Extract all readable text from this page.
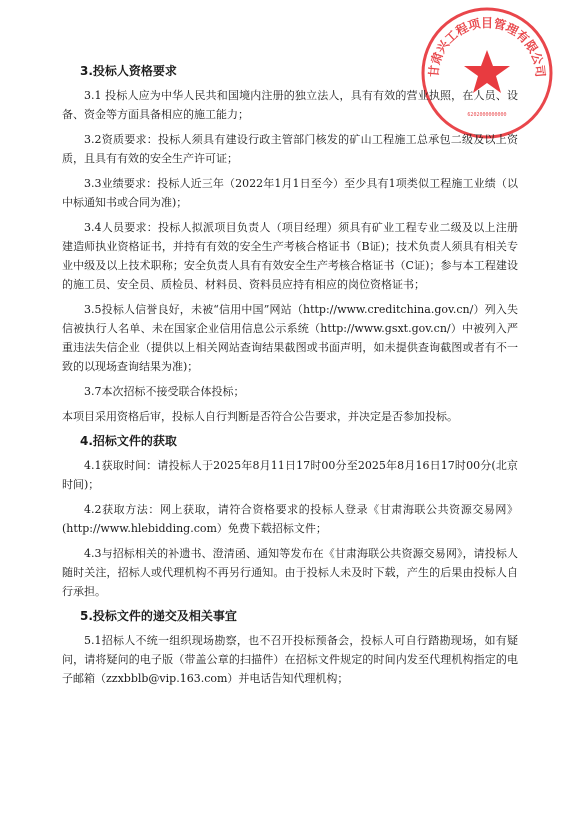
甘肃兴工程项目管理有限公司
6202000000000
3.投标人资格要求

3.1 投标人应为中华人民共和国境内注册的独立法人，具有有效的营业执照，在人员、设备、资金等方面具备相应的施工能力；

3.2资质要求：投标人须具有建设行政主管部门核发的矿山工程施工总承包二级及以上资质，且具有有效的安全生产许可证；

3.3业绩要求：投标人近三年（2022年1月1日至今）至少具有1项类似工程施工业绩（以中标通知书或合同为准)；

3.4人员要求：投标人拟派项目负责人（项目经理）须具有矿业工程专业二级及以上注册建造师执业资格证书，并持有有效的安全生产考核合格证书（B证)；技术负责人须具有相关专业中级及以上技术职称；安全负责人具有有效安全生产考核合格证书（C证)；参与本工程建设的施工员、安全员、质检员、材料员、资料员应持有相应的岗位资格证书；

3.5投标人信誉良好，未被“信用中国”网站（http://www.creditchina.gov.cn/）列入失信被执行人名单、未在国家企业信用信息公示系统（http://www.gsxt.gov.cn/）中被列入严重违法失信企业（提供以上相关网站查询结果截图或书面声明，如未提供查询截图或者有不一致的以现场查询结果为准)；

3.7本次招标不接受联合体投标；

本项目采用资格后审，投标人自行判断是否符合公告要求，并决定是否参加投标。

4.招标文件的获取

4.1获取时间：请投标人于2025年8月11日17时00分至2025年8月16日17时00分(北京时间)；

4.2获取方法：网上获取，请符合资格要求的投标人登录《甘肃海联公共资源交易网》(http://www.hlebidding.com）免费下载招标文件；

4.3与招标相关的补遗书、澄清函、通知等发布在《甘肃海联公共资源交易网》，请投标人随时关注，招标人或代理机构不再另行通知。由于投标人未及时下载，产生的后果由投标人自行承担。

5.投标文件的递交及相关事宜

5.1招标人不统一组织现场勘察，也不召开投标预备会，投标人可自行踏勘现场，如有疑问，请将疑问的电子版（带盖公章的扫描件）在招标文件规定的时间内发至代理机构指定的电子邮箱（zzxbblb@vip.163.com）并电话告知代理机构；
